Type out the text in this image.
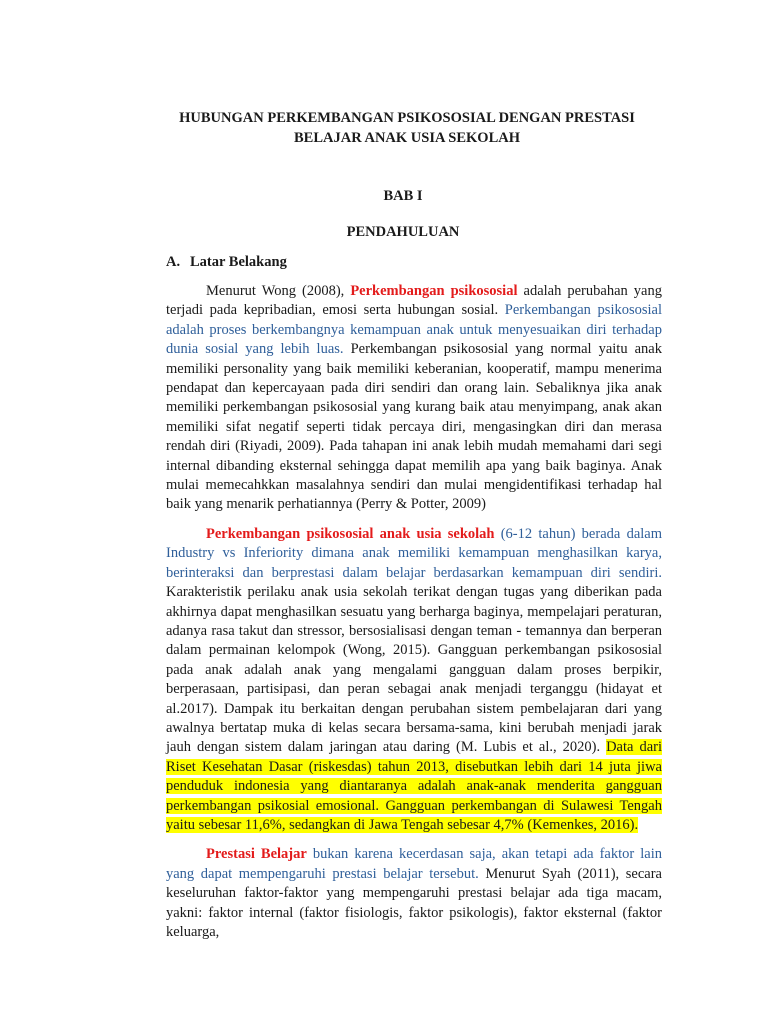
HUBUNGAN PERKEMBANGAN PSIKOSOSIAL DENGAN PRESTASI
BELAJAR ANAK USIA SEKOLAH
BAB I
PENDAHULUAN
A. Latar Belakang

Menurut Wong (2008), Perkembangan psikososial adalah perubahan yang terjadi pada kepribadian, emosi serta hubungan sosial. Perkembangan psikososial adalah proses berkembangnya kemampuan anak untuk menyesuaikan diri terhadap dunia sosial yang lebih luas. Perkembangan psikososial yang normal yaitu anak memiliki personality yang baik memiliki keberanian, kooperatif, mampu menerima pendapat dan kepercayaan pada diri sendiri dan orang lain. Sebaliknya jika anak memiliki perkembangan psikososial yang kurang baik atau menyimpang, anak akan memiliki sifat negatif seperti tidak percaya diri, mengasingkan diri dan merasa rendah diri (Riyadi, 2009). Pada tahapan ini anak lebih mudah memahami dari segi internal dibanding eksternal sehingga dapat memilih apa yang baik baginya. Anak mulai memecahkkan masalahnya sendiri dan mulai mengidentifikasi terhadap hal baik yang menarik perhatiannya (Perry & Potter, 2009)

Perkembangan psikososial anak usia sekolah (6-12 tahun) berada dalam Industry vs Inferiority dimana anak memiliki kemampuan menghasilkan karya, berinteraksi dan berprestasi dalam belajar berdasarkan kemampuan diri sendiri. Karakteristik perilaku anak usia sekolah terikat dengan tugas yang diberikan pada akhirnya dapat menghasilkan sesuatu yang berharga baginya, mempelajari peraturan, adanya rasa takut dan stressor, bersosialisasi dengan teman - temannya dan berperan dalam permainan kelompok (Wong, 2015). Gangguan perkembangan psikososial pada anak adalah anak yang mengalami gangguan dalam proses berpikir, berperasaan, partisipasi, dan peran sebagai anak menjadi terganggu (hidayat et al.2017). Dampak itu berkaitan dengan perubahan sistem pembelajaran dari yang awalnya bertatap muka di kelas secara bersama-sama, kini berubah menjadi jarak jauh dengan sistem dalam jaringan atau daring (M. Lubis et al., 2020). Data dari Riset Kesehatan Dasar (riskesdas) tahun 2013, disebutkan lebih dari 14 juta jiwa penduduk indonesia yang diantaranya adalah anak-anak menderita gangguan perkembangan psikosial emosional. Gangguan perkembangan di Sulawesi Tengah yaitu sebesar 11,6%, sedangkan di Jawa Tengah sebesar 4,7% (Kemenkes, 2016).

Prestasi Belajar bukan karena kecerdasan saja, akan tetapi ada faktor lain yang dapat mempengaruhi prestasi belajar tersebut. Menurut Syah (2011), secara keseluruhan faktor-faktor yang mempengaruhi prestasi belajar ada tiga macam, yakni: faktor internal (faktor fisiologis, faktor psikologis), faktor eksternal (faktor keluarga,
